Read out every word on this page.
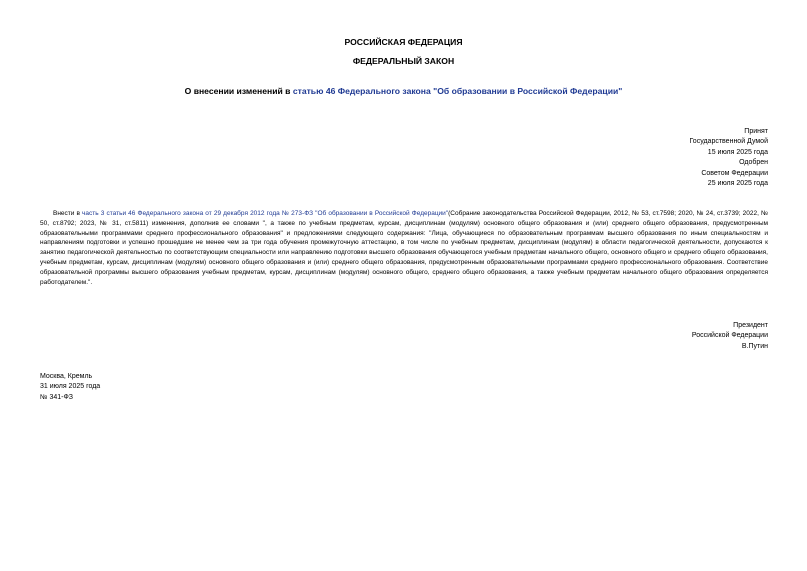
РОССИЙСКАЯ ФЕДЕРАЦИЯ
ФЕДЕРАЛЬНЫЙ ЗАКОН
О внесении изменений в статью 46 Федерального закона "Об образовании в Российской Федерации"
Принят
Государственной Думой
15 июля 2025 года
Одобрен
Советом Федерации
25 июля 2025 года

Внести в часть 3 статьи 46 Федерального закона от 29 декабря 2012 года № 273-ФЗ "Об образовании в Российской Федерации"(Собрание законодательства Российской Федерации, 2012, № 53, ст.7598; 2020, № 24, ст.3739; 2022, № 50, ст.8792; 2023, № 31, ст.5811) изменения, дополнив ее словами ", а также по учебным предметам, курсам, дисциплинам (модулям) основного общего образования и (или) среднего общего образования, предусмотренным образовательными программами среднего профессионального образования" и предложениями следующего содержания: "Лица, обучающиеся по образовательным программам высшего образования по иным специальностям и направлениям подготовки и успешно прошедшие не менее чем за три года обучения промежуточную аттестацию, в том числе по учебным предметам, дисциплинам (модулям) в области педагогической деятельности, допускаются к занятию педагогической деятельностью по соответствующим специальности или направлению подготовки высшего образования обучающегося учебным предметам начального общего, основного общего и среднего общего образования, учебным предметам, курсам, дисциплинам (модулям) основного общего образования и (или) среднего общего образования, предусмотренным образовательными программами среднего профессионального образования. Соответствие образовательной программы высшего образования учебным предметам, курсам, дисциплинам (модулям) основного общего, среднего общего образования, а также учебным предметам начального общего образования определяется работодателем.".

Президент
Российской Федерации
В.Путин
Москва, Кремль
31 июля 2025 года
№ 341-ФЗ
